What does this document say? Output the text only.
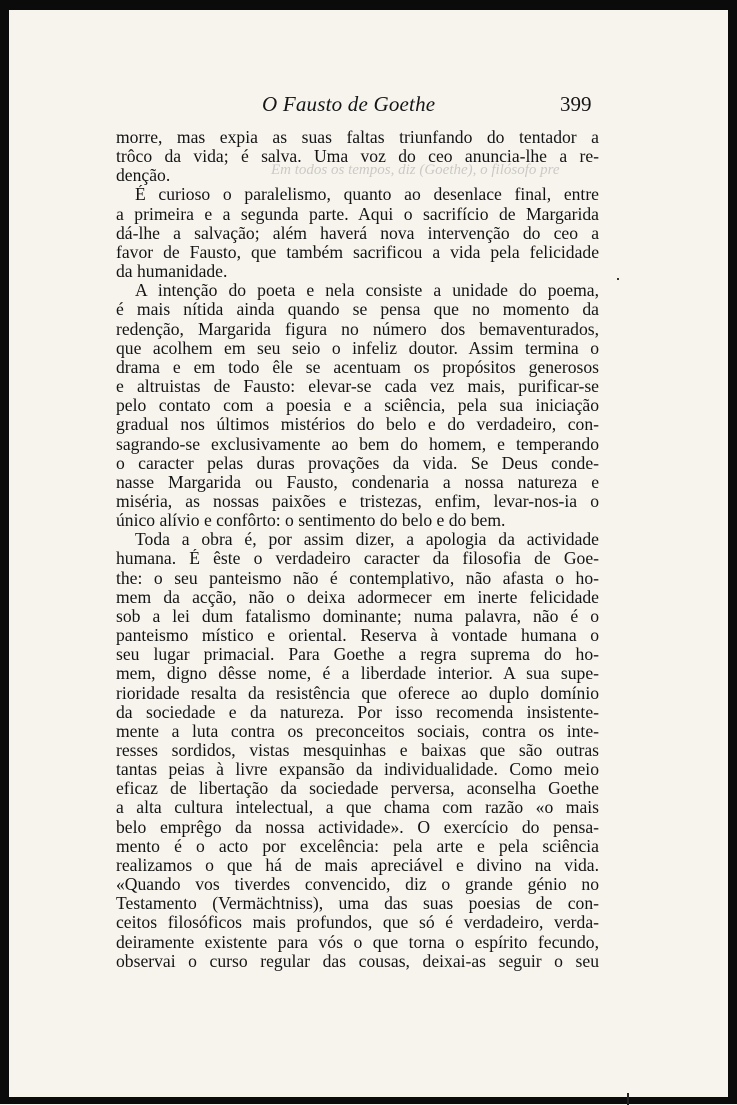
O Fausto de Goethe	399
Em todos os tempos, diz (Goethe), o filósofo pre
morre, mas expia as suas faltas triunfando do tentador a
trôco da vida; é salva. Uma voz do ceo anuncia-lhe a re-
denção.
É curioso o paralelismo, quanto ao desenlace final, entre
a primeira e a segunda parte. Aqui o sacrifício de Margarida
dá-lhe a salvação; além haverá nova intervenção do ceo a
favor de Fausto, que também sacrificou a vida pela felicidade
da humanidade.
A intenção do poeta e nela consiste a unidade do poema,
é mais nítida ainda quando se pensa que no momento da
redenção, Margarida figura no número dos bemaventurados,
que acolhem em seu seio o infeliz doutor. Assim termina o
drama e em todo êle se acentuam os propósitos generosos
e altruistas de Fausto: elevar-se cada vez mais, purificar-se
pelo contato com a poesia e a sciência, pela sua iniciação
gradual nos últimos mistérios do belo e do verdadeiro, con-
sagrando-se exclusivamente ao bem do homem, e temperando
o caracter pelas duras provações da vida. Se Deus conde-
nasse Margarida ou Fausto, condenaria a nossa natureza e
miséria, as nossas paixões e tristezas, enfim, levar-nos-ia o
único alívio e confôrto: o sentimento do belo e do bem.
Toda a obra é, por assim dizer, a apologia da actividade
humana. É êste o verdadeiro caracter da filosofia de Goe-
the: o seu panteismo não é contemplativo, não afasta o ho-
mem da acção, não o deixa adormecer em inerte felicidade
sob a lei dum fatalismo dominante; numa palavra, não é o
panteismo místico e oriental. Reserva à vontade humana o
seu lugar primacial. Para Goethe a regra suprema do ho-
mem, digno dêsse nome, é a liberdade interior. A sua supe-
rioridade resalta da resistência que oferece ao duplo domínio
da sociedade e da natureza. Por isso recomenda insistente-
mente a luta contra os preconceitos sociais, contra os inte-
resses sordidos, vistas mesquinhas e baixas que são outras
tantas peias à livre expansão da individualidade. Como meio
eficaz de libertação da sociedade perversa, aconselha Goethe
a alta cultura intelectual, a que chama com razão «o mais
belo emprêgo da nossa actividade». O exercício do pensa-
mento é o acto por excelência: pela arte e pela sciência
realizamos o que há de mais apreciável e divino na vida.
«Quando vos tiverdes convencido, diz o grande génio no
Testamento (Vermächtniss), uma das suas poesias de con-
ceitos filosóficos mais profundos, que só é verdadeiro, verda-
deiramente existente para vós o que torna o espírito fecundo,
observai o curso regular das cousas, deixai-as seguir o seu
